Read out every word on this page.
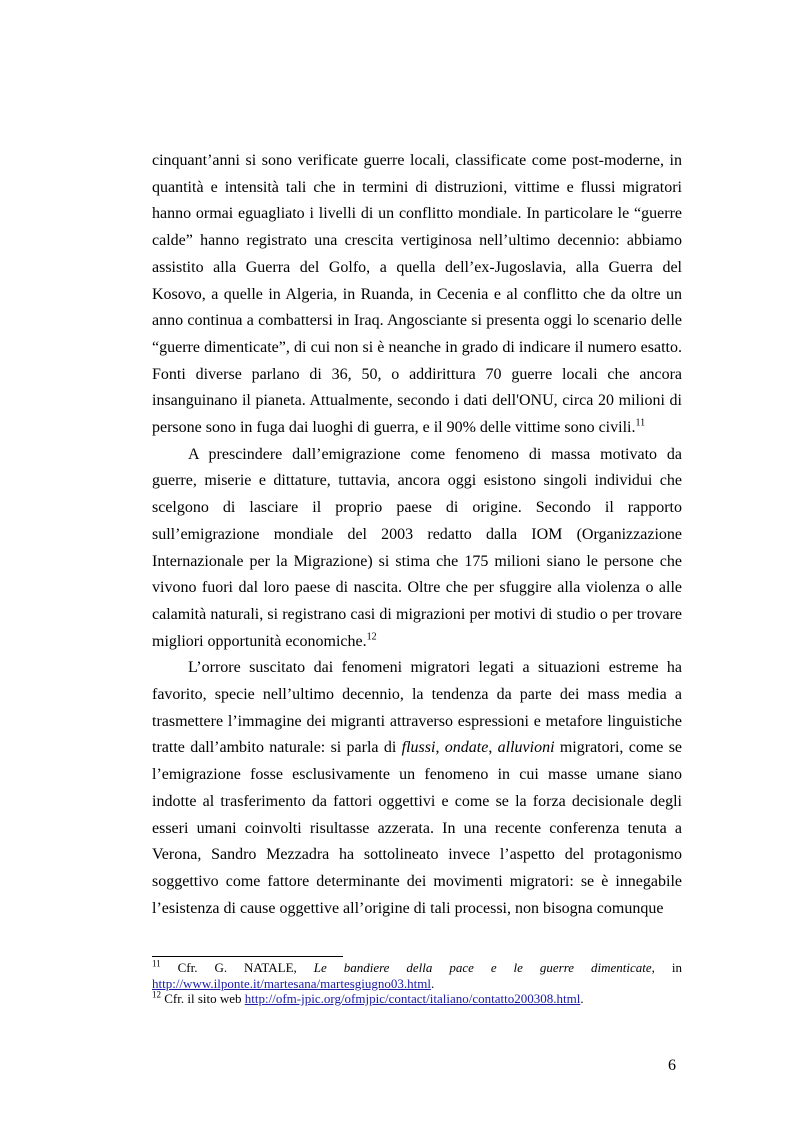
cinquant’anni si sono verificate guerre locali, classificate come post-moderne, in quantità e intensità tali che in termini di distruzioni, vittime e flussi migratori hanno ormai eguagliato i livelli di un conflitto mondiale. In particolare le “guerre calde” hanno registrato una crescita vertiginosa nell’ultimo decennio: abbiamo assistito alla Guerra del Golfo, a quella dell’ex-Jugoslavia, alla Guerra del Kosovo, a quelle in Algeria, in Ruanda, in Cecenia e al conflitto che da oltre un anno continua a combattersi in Iraq. Angosciante si presenta oggi lo scenario delle “guerre dimenticate”, di cui non si è neanche in grado di indicare il numero esatto. Fonti diverse parlano di 36, 50, o addirittura 70 guerre locali che ancora insanguinano il pianeta. Attualmente, secondo i dati dell'ONU, circa 20 milioni di persone sono in fuga dai luoghi di guerra, e il 90% delle vittime sono civili.$^{11}$

A prescindere dall’emigrazione come fenomeno di massa motivato da guerre, miserie e dittature, tuttavia, ancora oggi esistono singoli individui che scelgono di lasciare il proprio paese di origine. Secondo il rapporto sull’emigrazione mondiale del 2003 redatto dalla IOM (Organizzazione Internazionale per la Migrazione) si stima che 175 milioni siano le persone che vivono fuori dal loro paese di nascita. Oltre che per sfuggire alla violenza o alle calamità naturali, si registrano casi di migrazioni per motivi di studio o per trovare migliori opportunità economiche.$^{12}$

L’orrore suscitato dai fenomeni migratori legati a situazioni estreme ha favorito, specie nell’ultimo decennio, la tendenza da parte dei mass media a trasmettere l’immagine dei migranti attraverso espressioni e metafore linguistiche tratte dall’ambito naturale: si parla di flussi, ondate, alluvioni migratori, come se l’emigrazione fosse esclusivamente un fenomeno in cui masse umane siano indotte al trasferimento da fattori oggettivi e come se la forza decisionale degli esseri umani coinvolti risultasse azzerata. In una recente conferenza tenuta a Verona, Sandro Mezzadra ha sottolineato invece l’aspetto del protagonismo soggettivo come fattore determinante dei movimenti migratori: se è innegabile l’esistenza di cause oggettive all’origine di tali processi, non bisogna comunque

$^{11}$ Cfr. G. NATALE, Le bandiere della pace e le guerre dimenticate, in http://www.ilponte.it/martesana/martesgiugno03.html.

$^{12}$ Cfr. il sito web http://ofm-jpic.org/ofmjpic/contact/italiano/contatto200308.html.

6
